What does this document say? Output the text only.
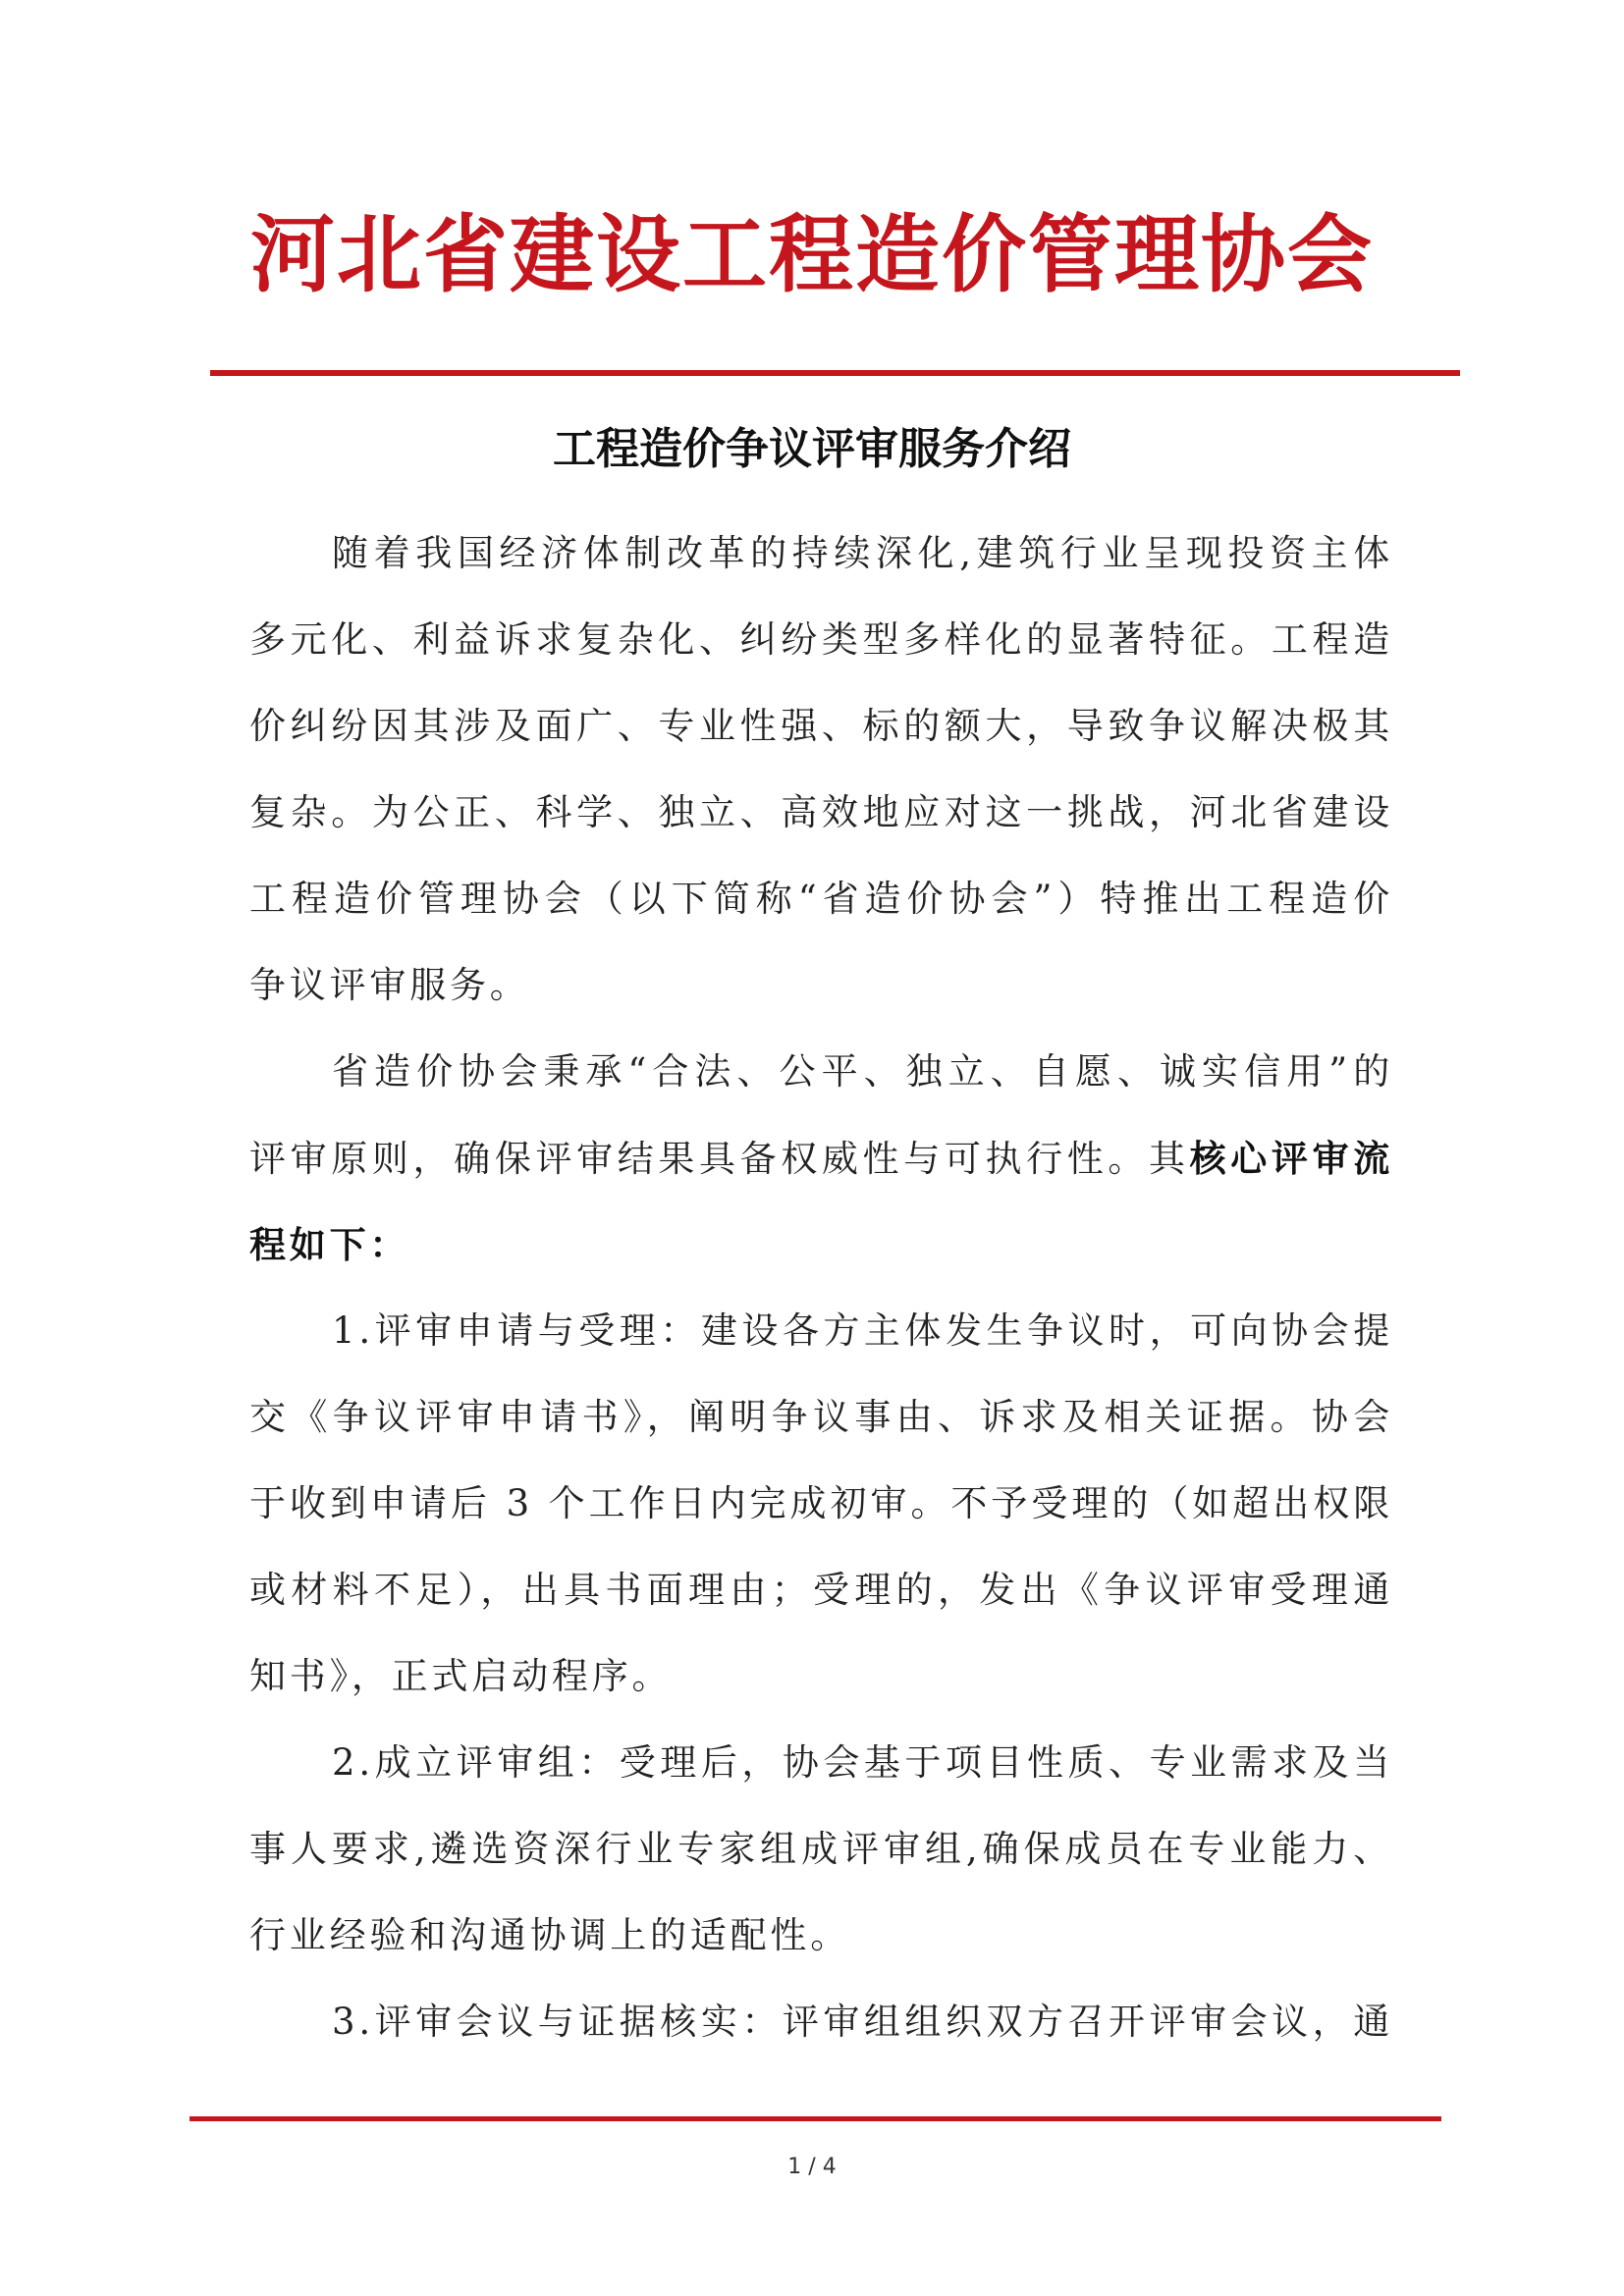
河北省建设工程造价管理协会
工程造价争议评审服务介绍
随着我国经济体制改革的持续深化,建筑行业呈现投资主体
多元化、利益诉求复杂化、纠纷类型多样化的显著特征。工程造
价纠纷因其涉及面广、专业性强、标的额大，导致争议解决极其
复杂。为公正、科学、独立、高效地应对这一挑战，河北省建设
工程造价管理协会（以下简称“省造价协会”）特推出工程造价
争议评审服务。
省造价协会秉承“合法、公平、独立、自愿、诚实信用”的
评审原则，确保评审结果具备权威性与可执行性。其核心评审流
程如下：
1.评审申请与受理：建设各方主体发生争议时，可向协会提
交《争议评审申请书》，阐明争议事由、诉求及相关证据。协会
于收到申请后 3 个工作日内完成初审。不予受理的（如超出权限
或材料不足），出具书面理由；受理的，发出《争议评审受理通
知书》，正式启动程序。
2.成立评审组：受理后，协会基于项目性质、专业需求及当
事人要求,遴选资深行业专家组成评审组,确保成员在专业能力、
行业经验和沟通协调上的适配性。
3.评审会议与证据核实：评审组组织双方召开评审会议，通
1 / 4
